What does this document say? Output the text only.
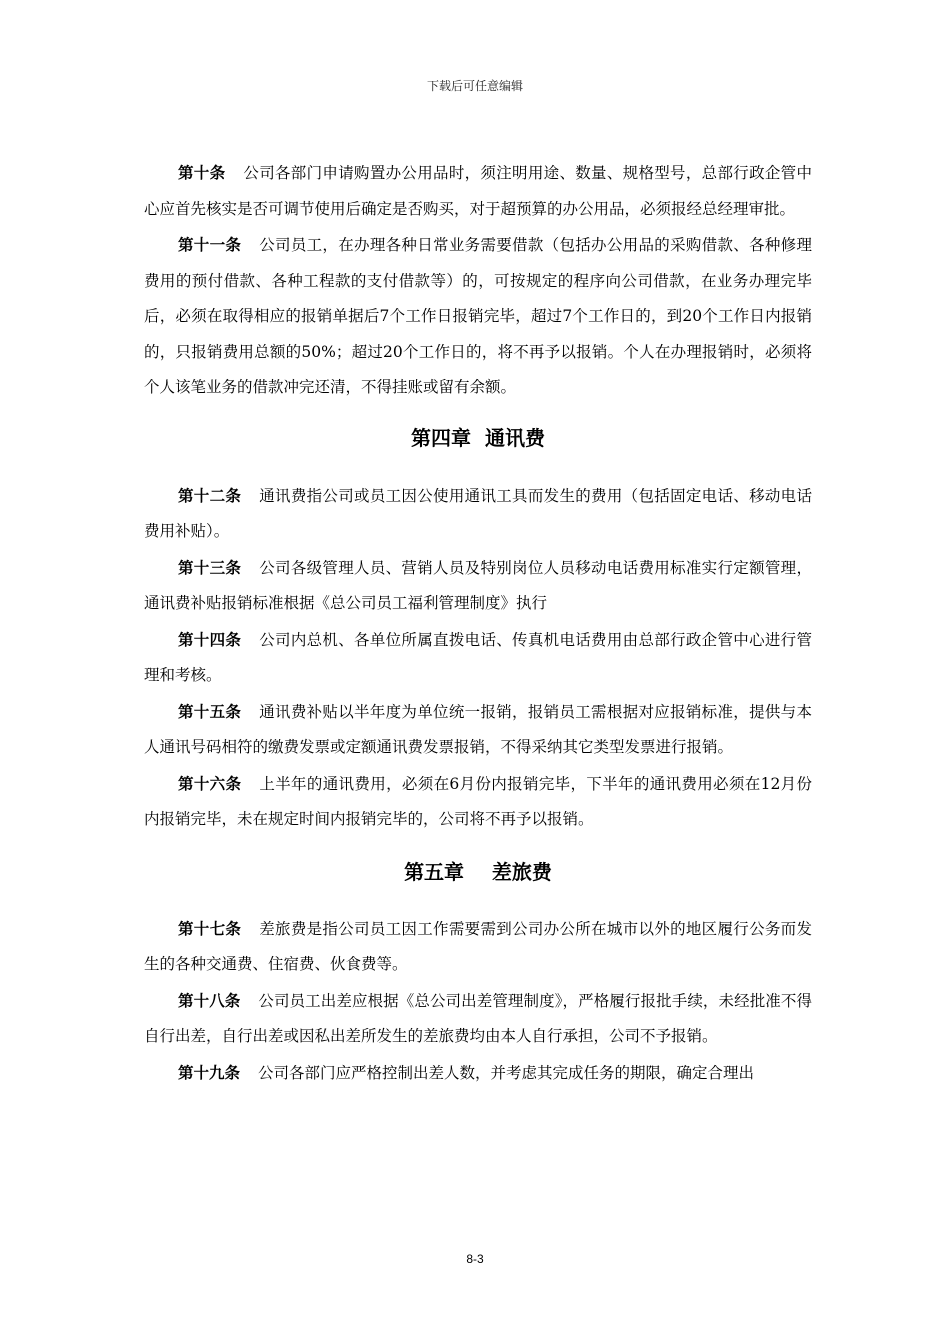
下载后可任意编辑

第十条 公司各部门申请购置办公用品时，须注明用途、数量、规格型号，总部行政企管中心应首先核实是否可调节使用后确定是否购买，对于超预算的办公用品，必须报经总经理审批。

第十一条 公司员工，在办理各种日常业务需要借款（包括办公用品的采购借款、各种修理费用的预付借款、各种工程款的支付借款等）的，可按规定的程序向公司借款，在业务办理完毕后，必须在取得相应的报销单据后7个工作日报销完毕，超过7个工作日的，到20个工作日内报销的，只报销费用总额的50%；超过20个工作日的，将不再予以报销。个人在办理报销时，必须将个人该笔业务的借款冲完还清，不得挂账或留有余额。

第四章  通讯费

第十二条 通讯费指公司或员工因公使用通讯工具而发生的费用（包括固定电话、移动电话费用补贴）。

第十三条 公司各级管理人员、营销人员及特别岗位人员移动电话费用标准实行定额管理，通讯费补贴报销标准根据《总公司员工福利管理制度》执行

第十四条 公司内总机、各单位所属直拨电话、传真机电话费用由总部行政企管中心进行管理和考核。

第十五条 通讯费补贴以半年度为单位统一报销，报销员工需根据对应报销标准，提供与本人通讯号码相符的缴费发票或定额通讯费发票报销，不得采纳其它类型发票进行报销。

第十六条 上半年的通讯费用，必须在6月份内报销完毕，下半年的通讯费用必须在12月份内报销完毕，未在规定时间内报销完毕的，公司将不再予以报销。

第五章    差旅费

第十七条 差旅费是指公司员工因工作需要需到公司办公所在城市以外的地区履行公务而发生的各种交通费、住宿费、伙食费等。

第十八条 公司员工出差应根据《总公司出差管理制度》，严格履行报批手续，未经批准不得自行出差，自行出差或因私出差所发生的差旅费均由本人自行承担，公司不予报销。

第十九条 公司各部门应严格控制出差人数，并考虑其完成任务的期限，确定合理出

8-3
